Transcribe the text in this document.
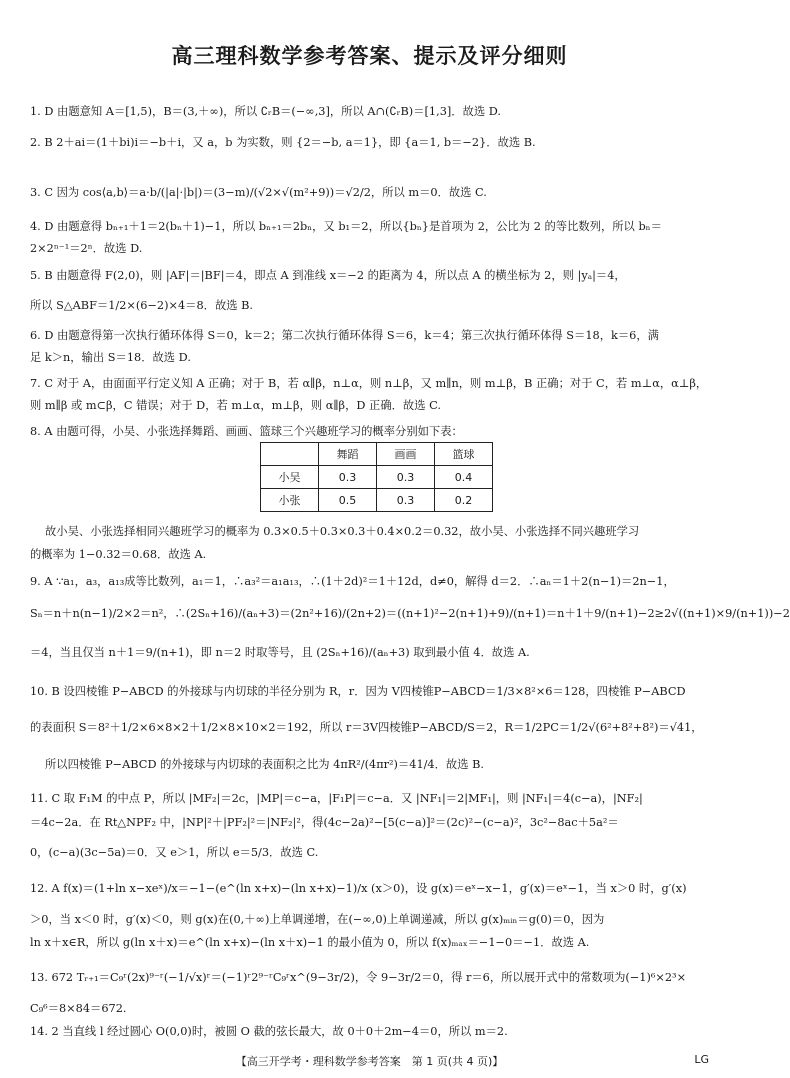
高三理科数学参考答案、提示及评分细则
1. D 由题意知 A＝[1,5)，B＝(3,＋∞)，所以 ∁ᵣB＝(−∞,3]，所以 A∩(∁ᵣB)＝[1,3]．故选 D.
2. B 2＋ai＝(1＋bi)i＝−b＋i，又 a，b 为实数，则 {2＝−b, a＝1}，即 {a＝1, b＝−2}．故选 B.
3. C 因为 cos⟨a,b⟩＝a·b/(|a|·|b|)＝(3−m)/(√2×√(m²+9))＝√2/2，所以 m＝0．故选 C.
4. D 由题意得 bₙ₊₁＋1＝2(bₙ＋1)−1，所以 bₙ₊₁＝2bₙ，又 b₁＝2，所以{bₙ}是首项为 2，公比为 2 的等比数列，所以 bₙ＝
2×2ⁿ⁻¹＝2ⁿ．故选 D.
5. B 由题意得 F(2,0)，则 |AF|＝|BF|＝4，即点 A 到准线 x＝−2 的距离为 4，所以点 A 的横坐标为 2，则 |yₐ|＝4，
所以 S△ABF＝1/2×(6−2)×4＝8．故选 B.
6. D 由题意得第一次执行循环体得 S＝0，k＝2；第二次执行循环体得 S＝6，k＝4；第三次执行循环体得 S＝18，k＝6，满
足 k＞n，输出 S＝18．故选 D.
7. C 对于 A，由面面平行定义知 A 正确；对于 B，若 α∥β，n⊥α，则 n⊥β，又 m∥n，则 m⊥β，B 正确；对于 C，若 m⊥α，α⊥β，
则 m∥β 或 m⊂β，C 错误；对于 D，若 m⊥α，m⊥β，则 α∥β，D 正确．故选 C.
8. A 由题可得，小吴、小张选择舞蹈、画画、篮球三个兴趣班学习的概率分别如下表：
故小吴、小张选择相同兴趣班学习的概率为 0.3×0.5＋0.3×0.3＋0.4×0.2＝0.32，故小吴、小张选择不同兴趣班学习
的概率为 1−0.32＝0.68．故选 A.
9. A ∵a₁，a₃，a₁₃成等比数列，a₁＝1，∴a₃²＝a₁a₁₃，∴(1＋2d)²＝1＋12d，d≠0，解得 d＝2．∴aₙ＝1＋2(n−1)＝2n−1，
Sₙ＝n＋n(n−1)/2×2＝n²，∴(2Sₙ+16)/(aₙ+3)＝(2n²+16)/(2n+2)＝((n+1)²−2(n+1)+9)/(n+1)＝n＋1＋9/(n+1)−2≥2√((n+1)×9/(n+1))−2
＝4，当且仅当 n＋1＝9/(n+1)，即 n＝2 时取等号，且 (2Sₙ+16)/(aₙ+3) 取到最小值 4．故选 A.
10. B 设四棱锥 P−ABCD 的外接球与内切球的半径分别为 R，r．因为 V四棱锥P−ABCD＝1/3×8²×6＝128，四棱锥 P−ABCD
的表面积 S＝8²＋1/2×6×8×2＋1/2×8×10×2＝192，所以 r＝3V四棱锥P−ABCD/S＝2，R＝1/2PC＝1/2√(6²+8²+8²)＝√41，
所以四棱锥 P−ABCD 的外接球与内切球的表面积之比为 4πR²/(4πr²)＝41/4．故选 B.
11. C 取 F₁M 的中点 P，所以 |MF₂|＝2c，|MP|＝c−a，|F₁P|＝c−a．又 |NF₁|＝2|MF₁|，则 |NF₁|＝4(c−a)，|NF₂|
＝4c−2a．在 Rt△NPF₂ 中，|NP|²＋|PF₂|²＝|NF₂|²，得(4c−2a)²−[5(c−a)]²＝(2c)²−(c−a)²，3c²−8ac＋5a²＝
0，(c−a)(3c−5a)＝0．又 e＞1，所以 e＝5/3．故选 C.
12. A f(x)＝(1+ln x−xeˣ)/x＝−1−(e^(ln x+x)−(ln x+x)−1)/x (x＞0)，设 g(x)＝eˣ−x−1，g′(x)＝eˣ−1，当 x＞0 时，g′(x)
＞0，当 x＜0 时，g′(x)＜0，则 g(x)在(0,＋∞)上单调递增，在(−∞,0)上单调递减，所以 g(x)ₘᵢₙ＝g(0)＝0，因为
ln x＋x∈R，所以 g(ln x＋x)＝e^(ln x+x)−(ln x＋x)−1 的最小值为 0，所以 f(x)ₘₐₓ＝−1−0＝−1．故选 A.
13. 672 Tᵣ₊₁＝C₉ʳ(2x)⁹⁻ʳ(−1/√x)ʳ＝(−1)ʳ2⁹⁻ʳC₉ʳx^(9−3r/2)，令 9−3r/2＝0，得 r＝6，所以展开式中的常数项为(−1)⁶×2³×
C₉⁶＝8×84＝672.
14. 2 当直线 l 经过圆心 O(0,0)时，被圆 O 截的弦长最大，故 0＋0＋2m−4＝0，所以 m＝2.
	舞蹈	画画	篮球
小吴	0.3	0.3	0.4
小张	0.5	0.3	0.2
【高三开学考・理科数学参考答案　第 1 页(共 4 页)】	LG
